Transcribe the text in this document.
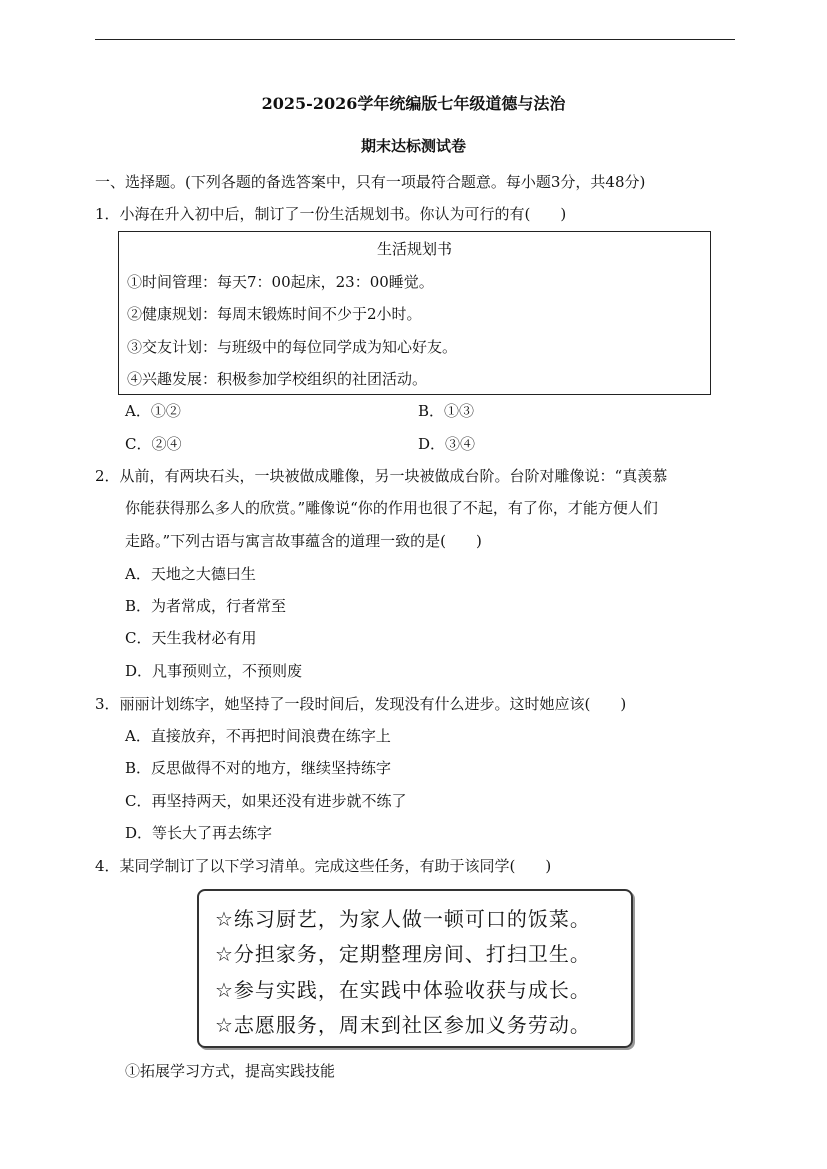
2025-2026学年统编版七年级道德与法治
期末达标测试卷
一、选择题。(下列各题的备选答案中，只有一项最符合题意。每小题3分，共48分)
1．小海在升入初中后，制订了一份生活规划书。你认为可行的有(　　)
生活规划书
①时间管理：每天7：00起床，23：00睡觉。
②健康规划：每周末锻炼时间不少于2小时。
③交友计划：与班级中的每位同学成为知心好友。
④兴趣发展：积极参加学校组织的社团活动。
A．①②	B．①③
C．②④	D．③④
2．从前，有两块石头，一块被做成雕像，另一块被做成台阶。台阶对雕像说：“真羡慕
你能获得那么多人的欣赏。”雕像说“你的作用也很了不起，有了你，才能方便人们
走路。”下列古语与寓言故事蕴含的道理一致的是(　　)
A．天地之大德曰生
B．为者常成，行者常至
C．天生我材必有用
D．凡事预则立，不预则废
3．丽丽计划练字，她坚持了一段时间后，发现没有什么进步。这时她应该(　　)
A．直接放弃，不再把时间浪费在练字上
B．反思做得不对的地方，继续坚持练字
C．再坚持两天，如果还没有进步就不练了
D．等长大了再去练字
4．某同学制订了以下学习清单。完成这些任务，有助于该同学(　　)
☆练习厨艺，为家人做一顿可口的饭菜。
☆分担家务，定期整理房间、打扫卫生。
☆参与实践，在实践中体验收获与成长。
☆志愿服务，周末到社区参加义务劳动。
①拓展学习方式，提高实践技能
